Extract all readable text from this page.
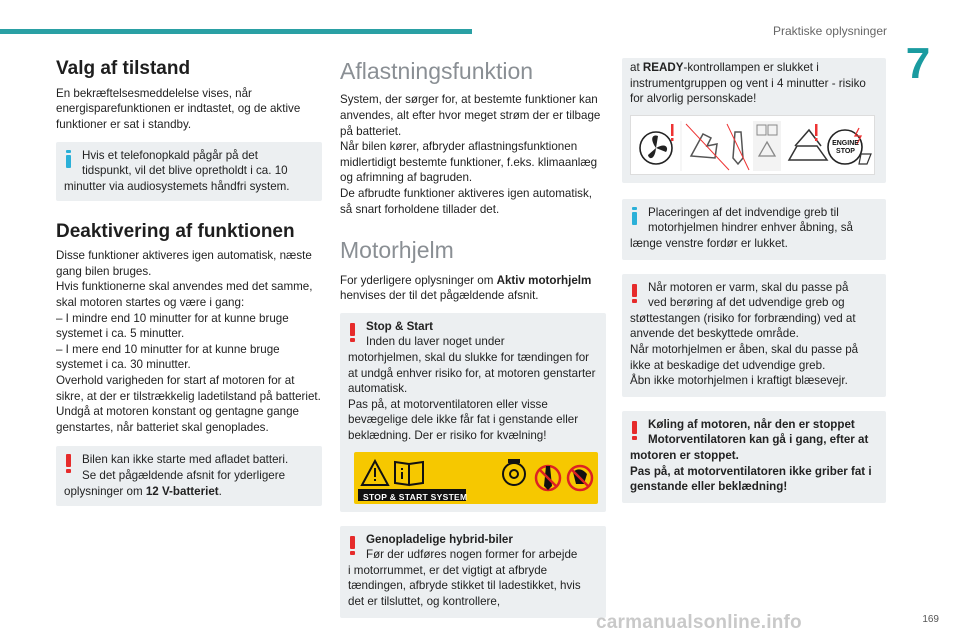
Praktiske oplysninger
7
Valg af tilstand

En bekræftelsesmeddelelse vises, når energisparefunktionen er indtastet, og de aktive funktioner er sat i standby.

Hvis et telefonopkald pågår på det
tidspunkt, vil det blive opretholdt i ca. 10 minutter via audiosystemets håndfri system.
Deaktivering af funktionen

Disse funktioner aktiveres igen automatisk, næste gang bilen bruges.
Hvis funktionerne skal anvendes med det samme, skal motoren startes og være i gang:
– I mindre end 10 minutter for at kunne bruge systemet i ca. 5 minutter.
– I mere end 10 minutter for at kunne bruge systemet i ca. 30 minutter.
Overhold varigheden for start af motoren for at sikre, at der er tilstrækkelig ladetilstand på batteriet.
Undgå at motoren konstant og gentagne gange genstartes, når batteriet skal genoplades.

Bilen kan ikke starte med afladet batteri.
Se det pågældende afsnit for yderligere oplysninger om 12 V-batteriet.
Aflastningsfunktion

System, der sørger for, at bestemte funktioner kan anvendes, alt efter hvor meget strøm der er tilbage på batteriet.
Når bilen kører, afbryder aflastningsfunktionen midlertidigt bestemte funktioner, f.eks. klimaanlæg og afrimning af bagruden.
De afbrudte funktioner aktiveres igen automatisk, så snart forholdene tillader det.

Motorhjelm

For yderligere oplysninger om Aktiv motorhjelm henvises der til det pågældende afsnit.

Stop & Start
Inden du laver noget under
motorhjelmen, skal du slukke for tændingen for at undgå enhver risiko for, at motoren genstarter automatisk.
Pas på, at motorventilatoren eller visse bevægelige dele ikke får fat i genstande eller beklædning. Der er risiko for kvælning!
STOP & START SYSTEM
Genopladelige hybrid-biler
Før der udføres nogen former for arbejde
i motorrummet, er det vigtigt at afbryde tændingen, afbryde stikket til ladestikket, hvis det er tilsluttet, og kontrollere,
at READY-kontrollampen er slukket i instrumentgruppen og vent i 4 minutter - risiko for alvorlig personskade!
ENGINE
STOP
Placeringen af det indvendige greb til
motorhjelmen hindrer enhver åbning, så længe venstre fordør er lukket.
Når motoren er varm, skal du passe på
ved berøring af det udvendige greb og støttestangen (risiko for forbrænding) ved at anvende det beskyttede område.
Når motorhjelmen er åben, skal du passe på ikke at beskadige det udvendige greb.
Åbn ikke motorhjelmen i kraftigt blæsevejr.
Køling af motoren, når den er stoppet
Motorventilatoren kan gå i gang, efter at motoren er stoppet.
Pas på, at motorventilatoren ikke griber fat i genstande eller beklædning!
carmanualsonline.info	169
